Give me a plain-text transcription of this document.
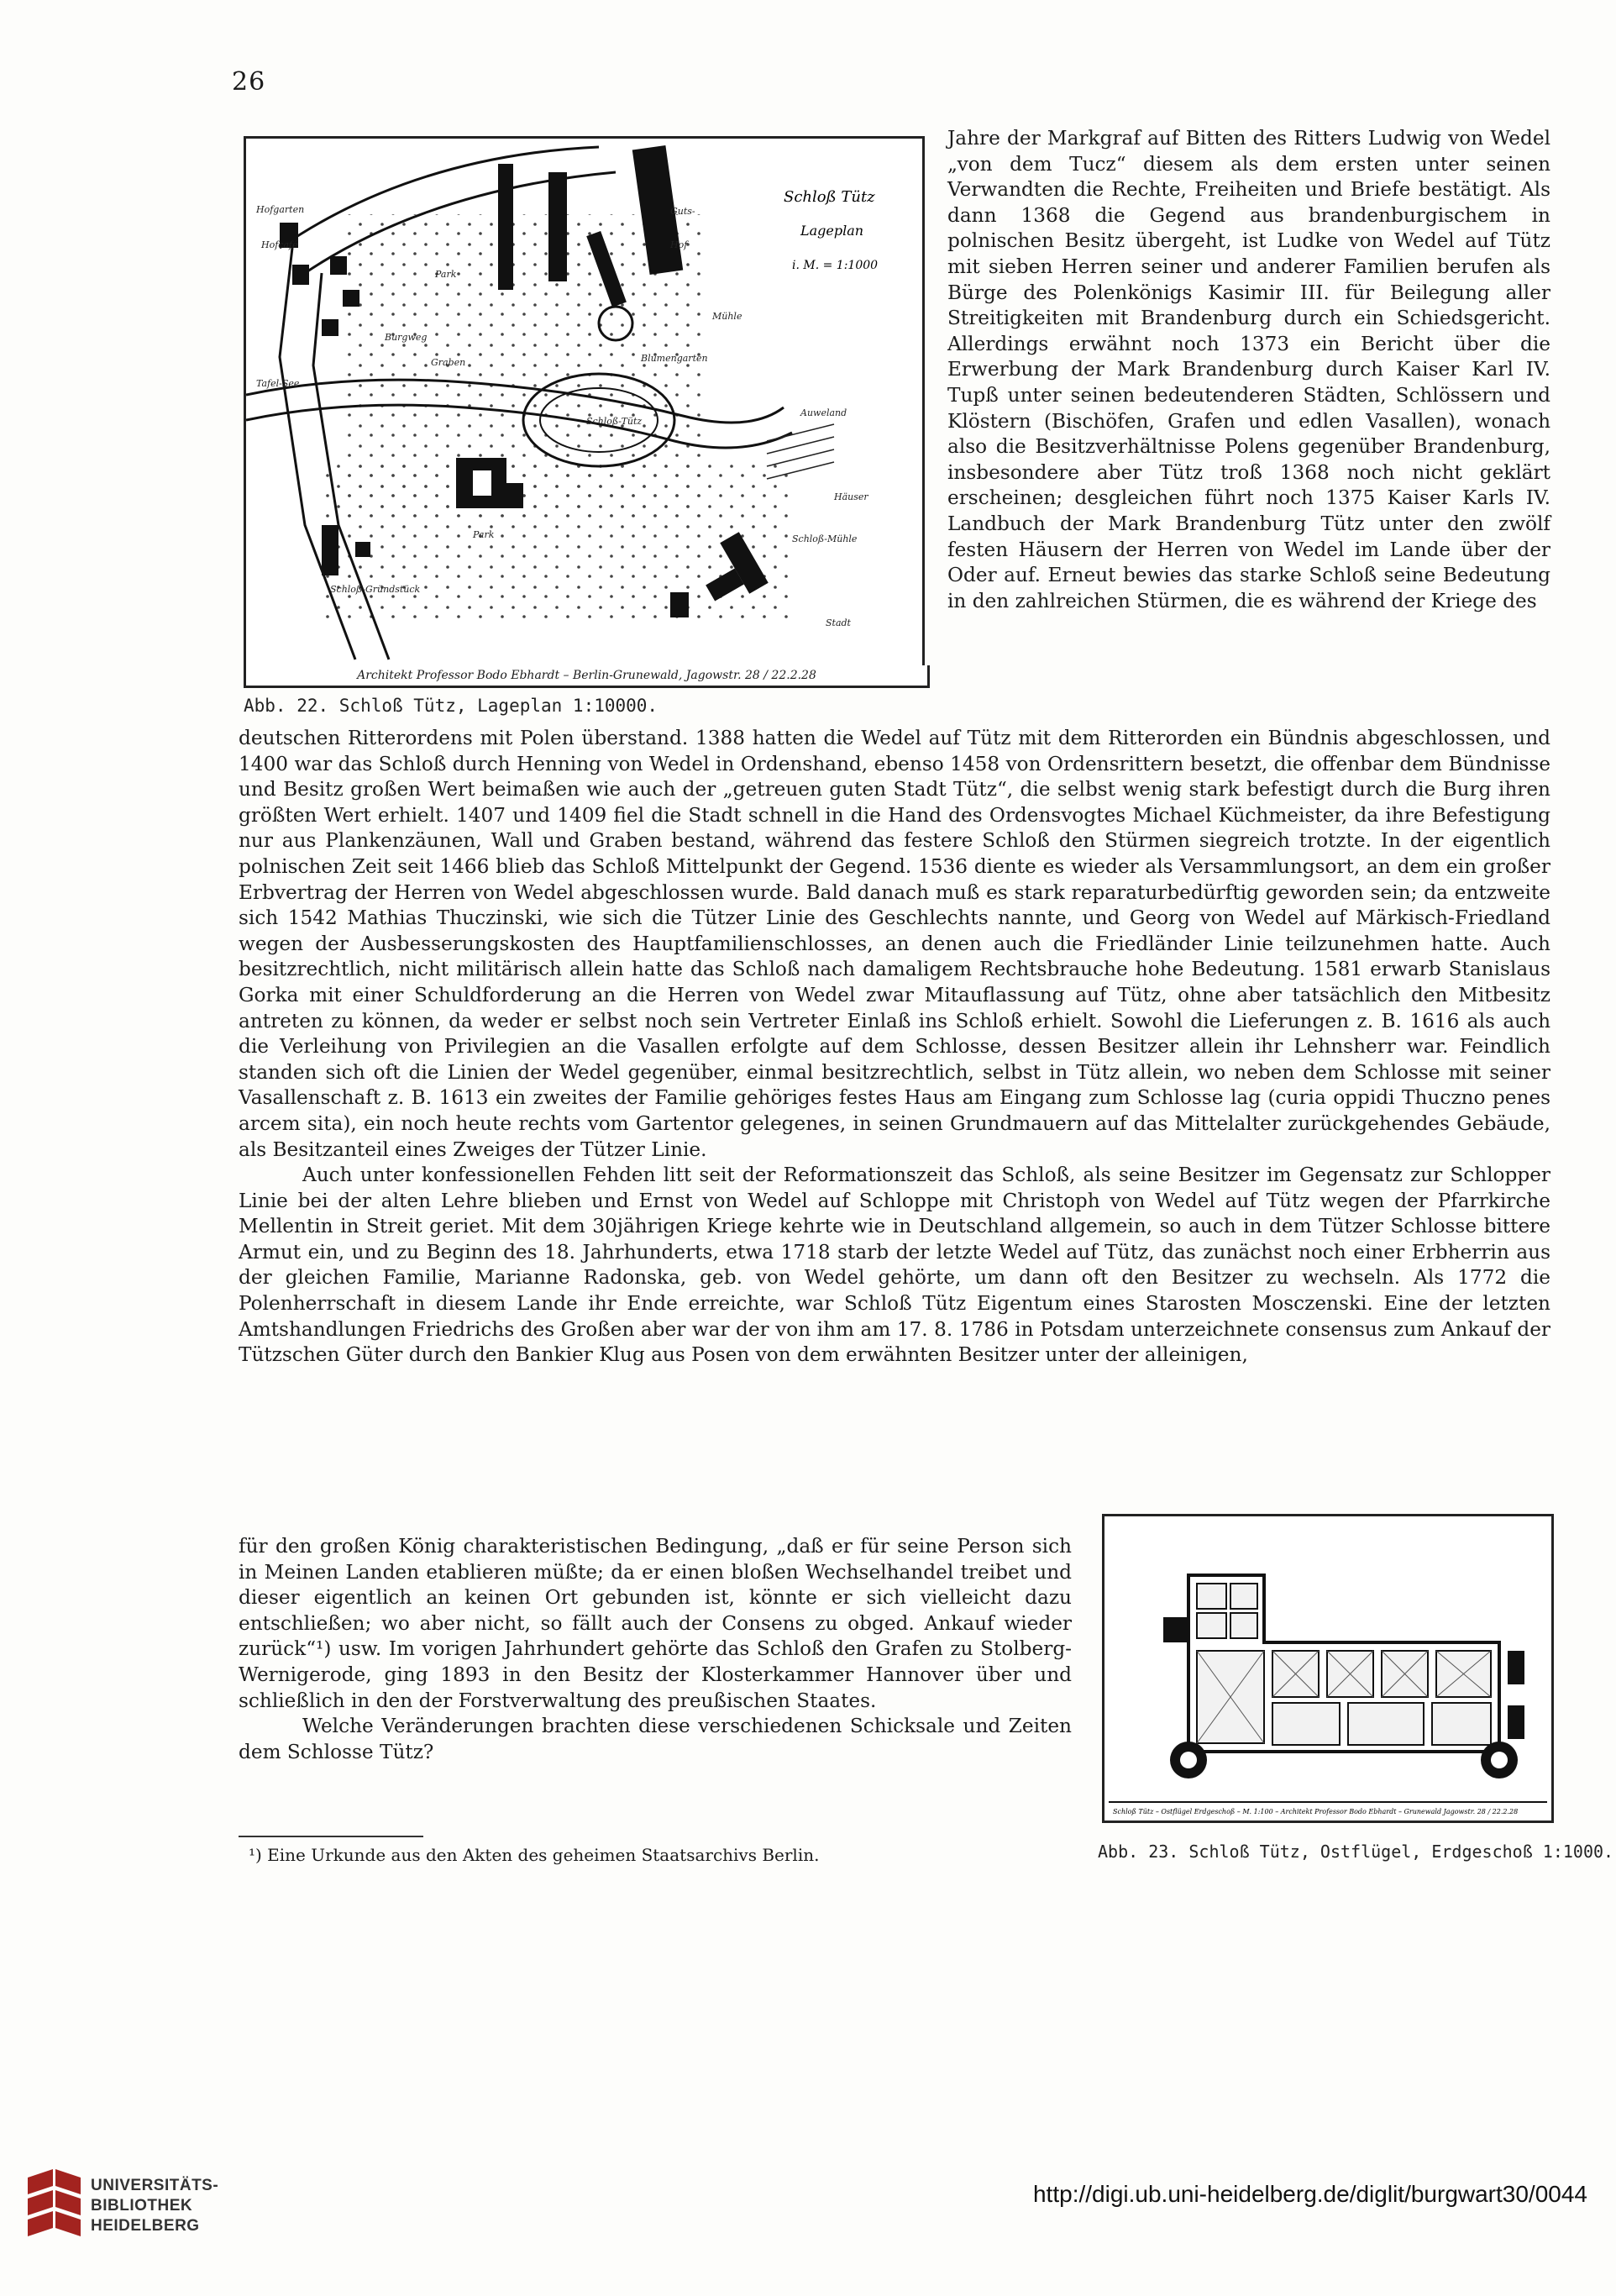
26
Schloß Tütz
Lageplan
i. M. = 1:1000
Hofgarten
Hofcafé
Guts-
Hof
Mühle
Park
Burgweg
Blumengarten
Tafel-See
Graben
Schloß-Tütz
Auweland
Häuser
Park	Schloß-Mühle
Schloß-Gründstück
Stadt
Architekt Professor Bodo Ebhardt – Berlin-Grunewald, Jagowstr. 28 / 22.2.28
Abb. 22. Schloß Tütz, Lageplan 1:10000.

Jahre der Markgraf auf Bitten des Ritters Ludwig von Wedel „von dem Tucz“ diesem als dem ersten unter seinen Verwandten die Rechte, Freiheiten und Briefe bestätigt. Als dann 1368 die Gegend aus brandenburgischem in polnischen Besitz übergeht, ist Ludke von Wedel auf Tütz mit sieben Herren seiner und anderer Familien berufen als Bürge des Polenkönigs Kasimir III. für Beilegung aller Streitigkeiten mit Brandenburg durch ein Schiedsgericht. Allerdings erwähnt noch 1373 ein Bericht über die Erwerbung der Mark Brandenburg durch Kaiser Karl IV. Tupß unter seinen bedeutenderen Städten, Schlössern und Klöstern (Bischöfen, Grafen und edlen Vasallen), wonach also die Besitzverhältnisse Polens gegenüber Brandenburg, insbesondere aber Tütz troß 1368 noch nicht geklärt erscheinen; desgleichen führt noch 1375 Kaiser Karls IV. Landbuch der Mark Brandenburg Tütz unter den zwölf festen Häusern der Herren von Wedel im Lande über der Oder auf. Erneut bewies das starke Schloß seine Bedeutung in den zahlreichen Stürmen, die es während der Kriege des

deutschen Ritterordens mit Polen überstand. 1388 hatten die Wedel auf Tütz mit dem Ritterorden ein Bündnis abgeschlossen, und 1400 war das Schloß durch Henning von Wedel in Ordenshand, ebenso 1458 von Ordensrittern besetzt, die offenbar dem Bündnisse und Besitz großen Wert beimaßen wie auch der „getreuen guten Stadt Tütz“, die selbst wenig stark befestigt durch die Burg ihren größten Wert erhielt. 1407 und 1409 fiel die Stadt schnell in die Hand des Ordensvogtes Michael Küchmeister, da ihre Befestigung nur aus Plankenzäunen, Wall und Graben bestand, während das festere Schloß den Stürmen siegreich trotzte. In der eigentlich polnischen Zeit seit 1466 blieb das Schloß Mittelpunkt der Gegend. 1536 diente es wieder als Versammlungsort, an dem ein großer Erbvertrag der Herren von Wedel abgeschlossen wurde. Bald danach muß es stark reparaturbedürftig geworden sein; da entzweite sich 1542 Mathias Thuczinski, wie sich die Tützer Linie des Geschlechts nannte, und Georg von Wedel auf Märkisch-Friedland wegen der Ausbesserungskosten des Hauptfamilienschlosses, an denen auch die Friedländer Linie teilzunehmen hatte. Auch besitzrechtlich, nicht militärisch allein hatte das Schloß nach damaligem Rechtsbrauche hohe Bedeutung. 1581 erwarb Stanislaus Gorka mit einer Schuldforderung an die Herren von Wedel zwar Mitauflassung auf Tütz, ohne aber tatsächlich den Mitbesitz antreten zu können, da weder er selbst noch sein Vertreter Einlaß ins Schloß erhielt. Sowohl die Lieferungen z. B. 1616 als auch die Verleihung von Privilegien an die Vasallen erfolgte auf dem Schlosse, dessen Besitzer allein ihr Lehnsherr war. Feindlich standen sich oft die Linien der Wedel gegenüber, einmal besitzrechtlich, selbst in Tütz allein, wo neben dem Schlosse mit seiner Vasallenschaft z. B. 1613 ein zweites der Familie gehöriges festes Haus am Eingang zum Schlosse lag (curia oppidi Thuczno penes arcem sita), ein noch heute rechts vom Gartentor gelegenes, in seinen Grundmauern auf das Mittelalter zurückgehendes Gebäude, als Besitzanteil eines Zweiges der Tützer Linie.

Auch unter konfessionellen Fehden litt seit der Reformationszeit das Schloß, als seine Besitzer im Gegensatz zur Schlopper Linie bei der alten Lehre blieben und Ernst von Wedel auf Schloppe mit Christoph von Wedel auf Tütz wegen der Pfarrkirche Mellentin in Streit geriet. Mit dem 30jährigen Kriege kehrte wie in Deutschland allgemein, so auch in dem Tützer Schlosse bittere Armut ein, und zu Beginn des 18. Jahrhunderts, etwa 1718 starb der letzte Wedel auf Tütz, das zunächst noch einer Erbherrin aus der gleichen Familie, Marianne Radonska, geb. von Wedel gehörte, um dann oft den Besitzer zu wechseln. Als 1772 die Polenherrschaft in diesem Lande ihr Ende erreichte, war Schloß Tütz Eigentum eines Starosten Mosczenski. Eine der letzten Amtshandlungen Friedrichs des Großen aber war der von ihm am 17. 8. 1786 in Potsdam unterzeichnete consensus zum Ankauf der Tützschen Güter durch den Bankier Klug aus Posen von dem erwähnten Besitzer unter der alleinigen,

für den großen König charakteristischen Bedingung, „daß er für seine Person sich in Meinen Landen etablieren müßte; da er einen bloßen Wechselhandel treibet und dieser eigentlich an keinen Ort gebunden ist, könnte er sich vielleicht dazu entschließen; wo aber nicht, so fällt auch der Consens zu obged. Ankauf wieder zurück“¹) usw. Im vorigen Jahrhundert gehörte das Schloß den Grafen zu Stolberg-Wernigerode, ging 1893 in den Besitz der Klosterkammer Hannover über und schließlich in den der Forstverwaltung des preußischen Staates.

Welche Veränderungen brachten diese verschiedenen Schicksale und Zeiten dem Schlosse Tütz?

Schloß Tütz – Ostflügel Erdgeschoß – M. 1:100 – Architekt Professor Bodo Ebhardt – Grunewald Jagowstr. 28 / 22.2.28
Abb. 23. Schloß Tütz, Ostflügel, Erdgeschoß 1:1000.
¹) Eine Urkunde aus den Akten des geheimen Staatsarchivs Berlin.
UNIVERSITÄTS-
BIBLIOTHEK
HEIDELBERG
http://digi.ub.uni-heidelberg.de/diglit/burgwart30/0044
